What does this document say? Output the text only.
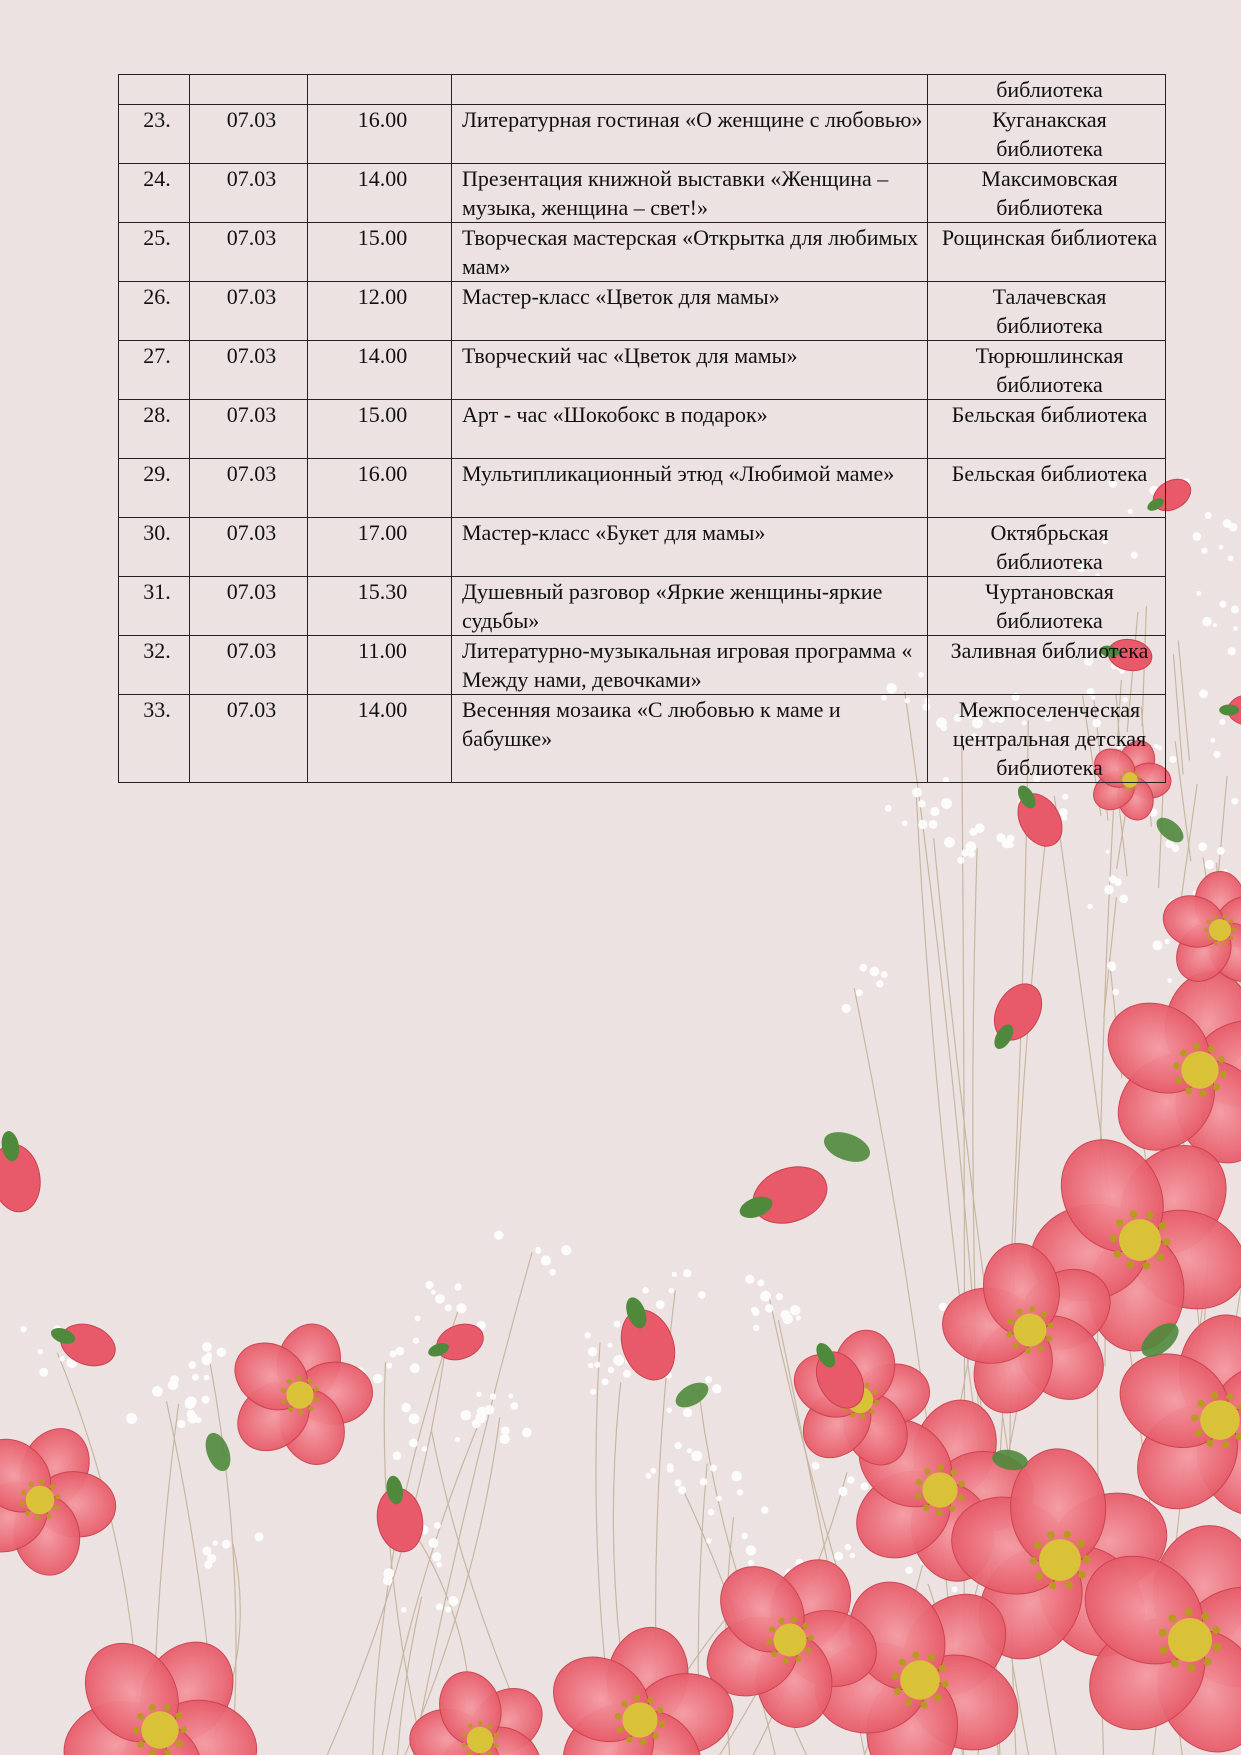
				библиотека
23.	07.03	16.00	Литературная гостиная «О женщине с любовью»	Куганакская библиотека
24.	07.03	14.00	Презентация книжной выставки «Женщина – музыка, женщина – свет!»	Максимовская библиотека
25.	07.03	15.00	Творческая мастерская «Открытка для любимых мам»	Рощинская библиотека
26.	07.03	12.00	Мастер-класс «Цветок для мамы»	Талачевская библиотека
27.	07.03	14.00	Творческий час «Цветок для мамы»	Тюрюшлинская библиотека
28.	07.03	15.00	Арт - час «Шокобокс в подарок»	Бельская библиотека
29.	07.03	16.00	Мультипликационный этюд «Любимой маме»	Бельская библиотека
30.	07.03	17.00	Мастер-класс «Букет для мамы»	Октябрьская библиотека
31.	07.03	15.30	Душевный разговор «Яркие женщины-яркие судьбы»	Чуртановская библиотека
32.	07.03	11.00	Литературно-музыкальная игровая программа « Между нами, девочками»	Заливная библиотека
33.	07.03	14.00	Весенняя мозаика «С любовью к маме и бабушке»	Межпоселенческая центральная детская библиотека
